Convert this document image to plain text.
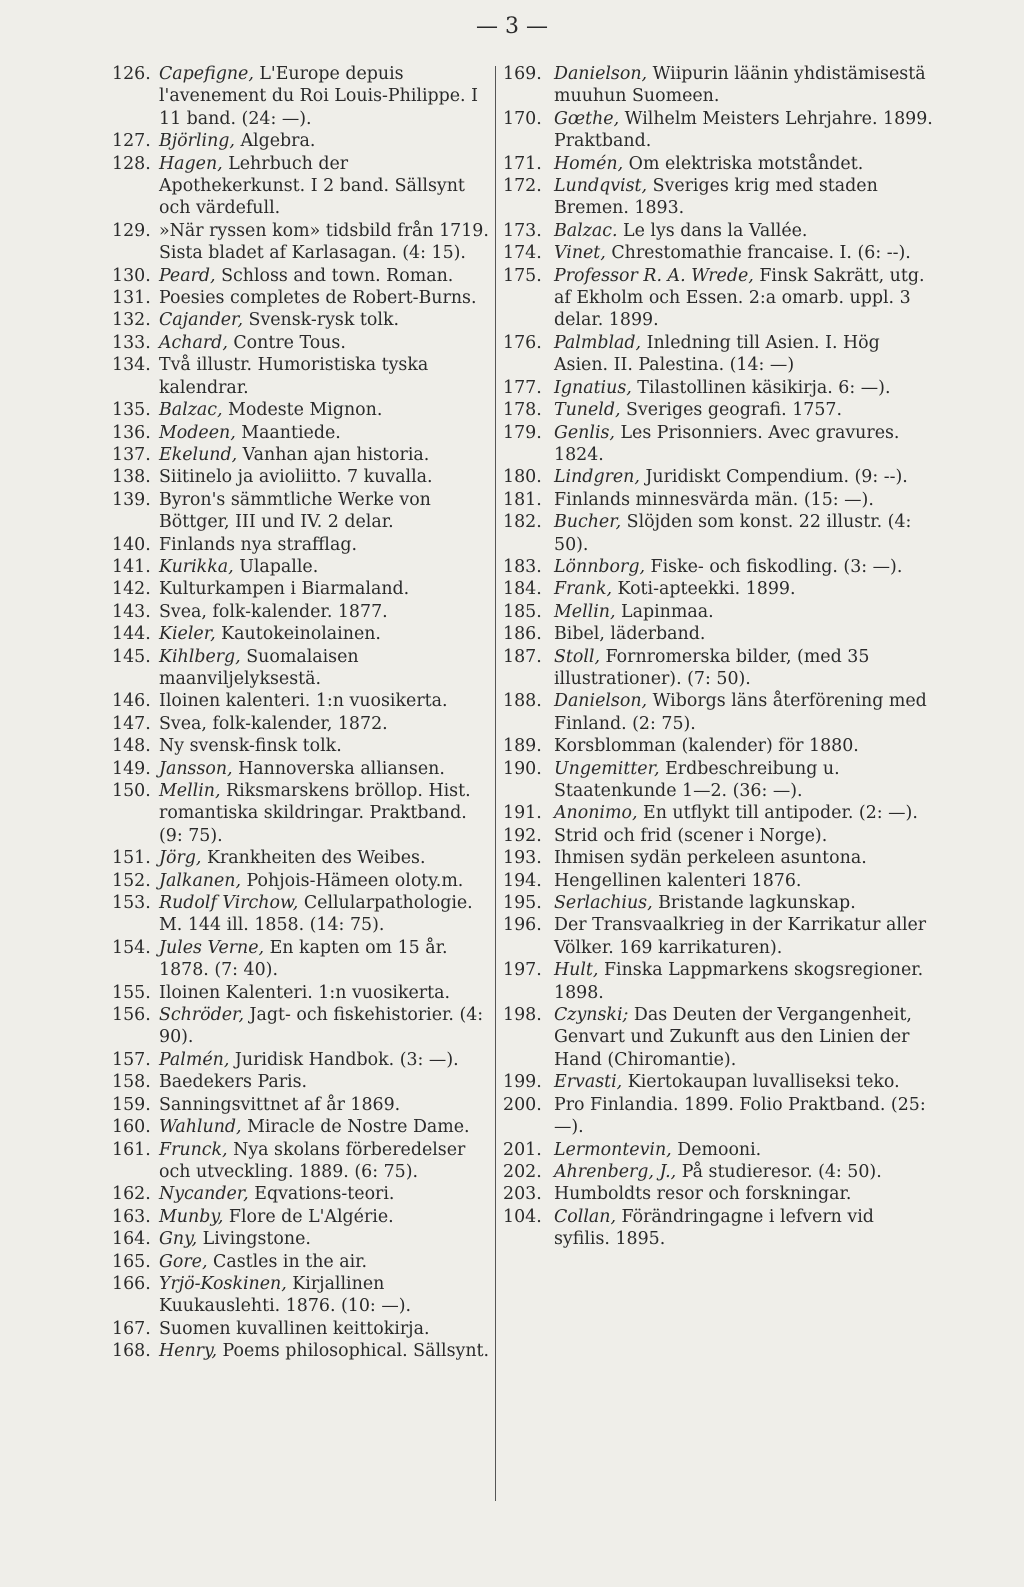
— 3 —
126. Capefigne, L'Europe depuis l'avenement du Roi Louis-Philippe. I 11 band. (24: —).
127. Björling, Algebra.
128. Hagen, Lehrbuch der Apothekerkunst. I 2 band. Sällsynt och värdefull.
129. »När ryssen kom» tidsbild från 1719. Sista bladet af Karlasagan. (4: 15).
130. Peard, Schloss and town. Roman.
131. Poesies completes de Robert-Burns.
132. Cajander, Svensk-rysk tolk.
133. Achard, Contre Tous.
134. Två illustr. Humoristiska tyska kalendrar.
135. Balzac, Modeste Mignon.
136. Modeen, Maantiede.
137. Ekelund, Vanhan ajan historia.
138. Siitinelo ja avioliitto. 7 kuvalla.
139. Byron's sämmtliche Werke von Böttger, III und IV. 2 delar.
140. Finlands nya strafflag.
141. Kurikka, Ulapalle.
142. Kulturkampen i Biarmaland.
143. Svea, folk-kalender. 1877.
144. Kieler, Kautokeinolainen.
145. Kihlberg, Suomalaisen maanviljelyksestä.
146. Iloinen kalenteri. 1:n vuosikerta.
147. Svea, folk-kalender, 1872.
148. Ny svensk-finsk tolk.
149. Jansson, Hannoverska alliansen.
150. Mellin, Riksmarskens bröllop. Hist. romantiska skildringar. Praktband. (9: 75).
151. Jörg, Krankheiten des Weibes.
152. Jalkanen, Pohjois-Hämeen oloty.m.
153. Rudolf Virchow, Cellularpathologie. M. 144 ill. 1858. (14: 75).
154. Jules Verne, En kapten om 15 år. 1878. (7: 40).
155. Iloinen Kalenteri. 1:n vuosikerta.
156. Schröder, Jagt- och fiskehistorier. (4: 90).
157. Palmén, Juridisk Handbok. (3: —).
158. Baedekers Paris.
159. Sanningsvittnet af år 1869.
160. Wahlund, Miracle de Nostre Dame.
161. Frunck, Nya skolans förberedelser och utveckling. 1889. (6: 75).
162. Nycander, Eqvations-teori.
163. Munby, Flore de L'Algérie.
164. Gny, Livingstone.
165. Gore, Castles in the air.
166. Yrjö-Koskinen, Kirjallinen Kuukauslehti. 1876. (10: —).
167. Suomen kuvallinen keittokirja.
168. Henry, Poems philosophical. Sällsynt.
169. Danielson, Wiipurin läänin yhdistämisestä muuhun Suomeen.
170. Gœthe, Wilhelm Meisters Lehrjahre. 1899. Praktband.
171. Homén, Om elektriska motståndet.
172. Lundqvist, Sveriges krig med staden Bremen. 1893.
173. Balzac. Le lys dans la Vallée.
174. Vinet, Chrestomathie francaise. I. (6: --).
175. Professor R. A. Wrede, Finsk Sakrätt, utg. af Ekholm och Essen. 2:a omarb. uppl. 3 delar. 1899.
176. Palmblad, Inledning till Asien. I. Hög Asien. II. Palestina. (14: —)
177. Ignatius, Tilastollinen käsikirja. 6: —).
178. Tuneld, Sveriges geografi. 1757.
179. Genlis, Les Prisonniers. Avec gravures. 1824.
180. Lindgren, Juridiskt Compendium. (9: --).
181. Finlands minnesvärda män. (15: —).
182. Bucher, Slöjden som konst. 22 illustr. (4: 50).
183. Lönnborg, Fiske- och fiskodling. (3: —).
184. Frank, Koti-apteekki. 1899.
185. Mellin, Lapinmaa.
186. Bibel, läderband.
187. Stoll, Fornromerska bilder, (med 35 illustrationer). (7: 50).
188. Danielson, Wiborgs läns återförening med Finland. (2: 75).
189. Korsblomman (kalender) för 1880.
190. Ungemitter, Erdbeschreibung u. Staatenkunde 1—2. (36: —).
191. Anonimo, En utflykt till antipoder. (2: —).
192. Strid och frid (scener i Norge).
193. Ihmisen sydän perkeleen asuntona.
194. Hengellinen kalenteri 1876.
195. Serlachius, Bristande lagkunskap.
196. Der Transvaalkrieg in der Karrikatur aller Völker. 169 karrikaturen).
197. Hult, Finska Lappmarkens skogsregioner. 1898.
198. Czynski; Das Deuten der Vergangenheit, Genvart und Zukunft aus den Linien der Hand (Chiromantie).
199. Ervasti, Kiertokaupan luvalliseksi teko.
200. Pro Finlandia. 1899. Folio Praktband. (25: —).
201. Lermontevin, Demooni.
202. Ahrenberg, J., På studieresor. (4: 50).
203. Humboldts resor och forskningar.
104. Collan, Förändringagne i lefvern vid syfilis. 1895.
